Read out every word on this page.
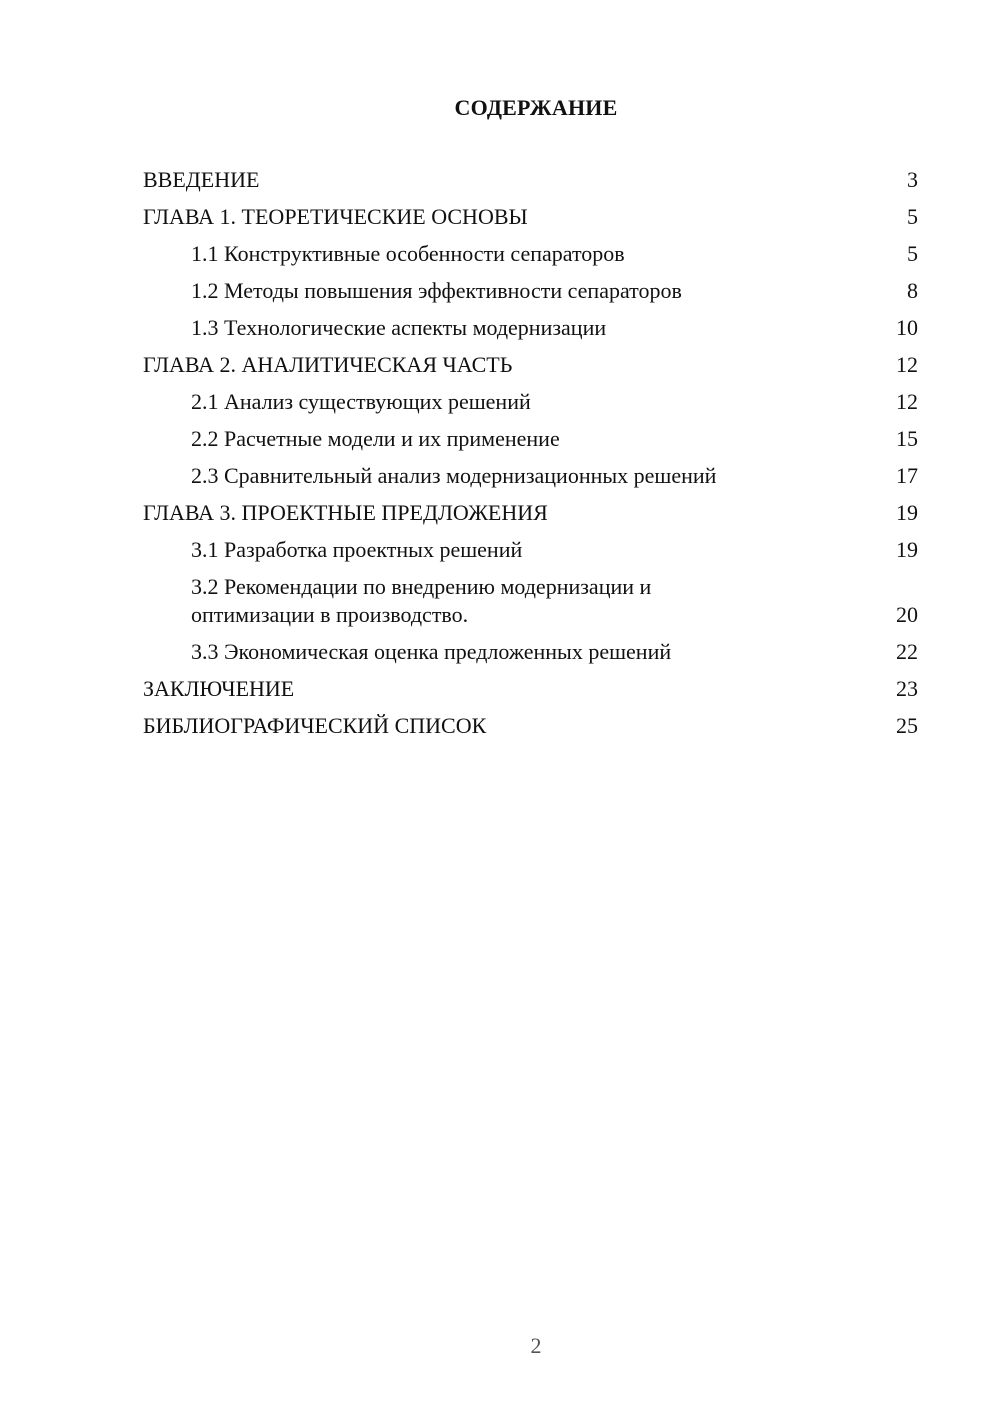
СОДЕРЖАНИЕ
ВВЕДЕНИЕ	3
ГЛАВА 1. ТЕОРЕТИЧЕСКИЕ ОСНОВЫ	5
1.1 Конструктивные особенности сепараторов	5
1.2 Методы повышения эффективности сепараторов	8
1.3 Технологические аспекты модернизации	10
ГЛАВА 2. АНАЛИТИЧЕСКАЯ ЧАСТЬ	12
2.1 Анализ существующих решений	12
2.2 Расчетные модели и их применение	15
2.3 Сравнительный анализ модернизационных решений	17
ГЛАВА 3. ПРОЕКТНЫЕ ПРЕДЛОЖЕНИЯ	19
3.1 Разработка проектных решений	19
3.2 Рекомендации по внедрению модернизации и
оптимизации в производство.	20
3.3 Экономическая оценка предложенных решений	22
ЗАКЛЮЧЕНИЕ	23
БИБЛИОГРАФИЧЕСКИЙ СПИСОК	25
2
